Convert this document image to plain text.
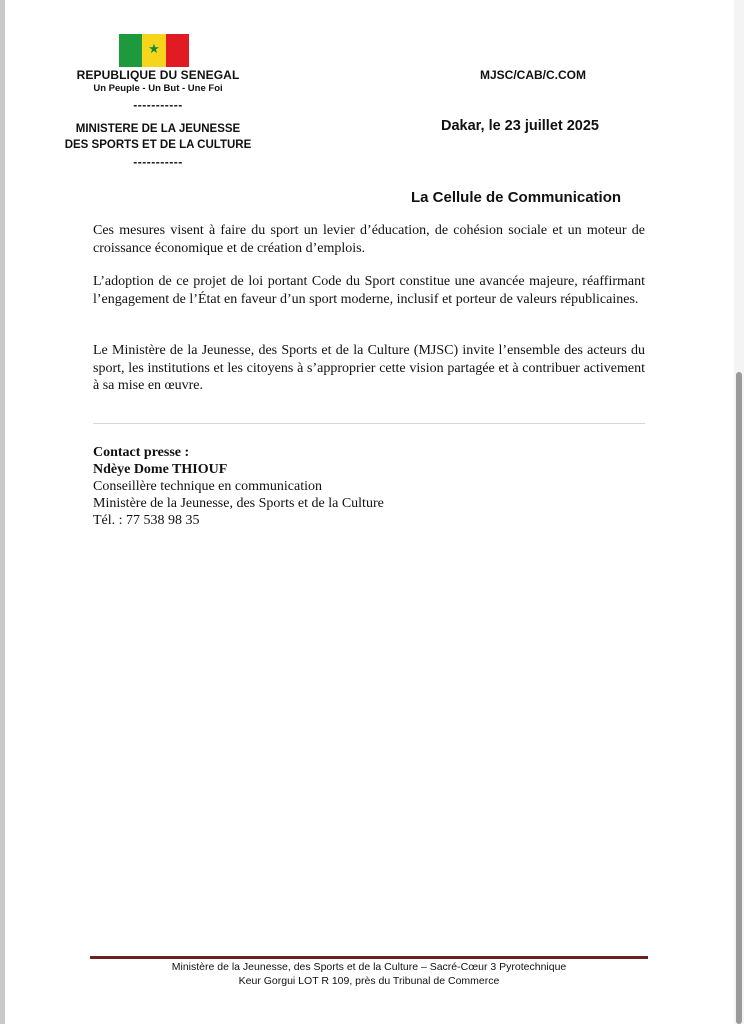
★
REPUBLIQUE DU SENEGAL
Un Peuple - Un But - Une Foi
-----------
MINISTERE DE LA JEUNESSE
DES SPORTS ET DE LA CULTURE
-----------
MJSC/CAB/C.COM
Dakar, le 23 juillet 2025
La Cellule de Communication
Ces mesures visent à faire du sport un levier d’éducation, de cohésion sociale et un moteur de croissance économique et de création d’emplois.
L’adoption de ce projet de loi portant Code du Sport constitue une avancée majeure, réaffirmant l’engagement de l’État en faveur d’un sport moderne, inclusif et porteur de valeurs républicaines.
Le Ministère de la Jeunesse, des Sports et de la Culture (MJSC) invite l’ensemble des acteurs du sport, les institutions et les citoyens à s’approprier cette vision partagée et à contribuer activement à sa mise en œuvre.
Contact presse :
Ndèye Dome THIOUF
Conseillère technique en communication
Ministère de la Jeunesse, des Sports et de la Culture
Tél. : 77 538 98 35
Ministère de la Jeunesse, des Sports et de la Culture – Sacré-Cœur 3 Pyrotechnique
Keur Gorgui LOT R 109, près du Tribunal de Commerce
